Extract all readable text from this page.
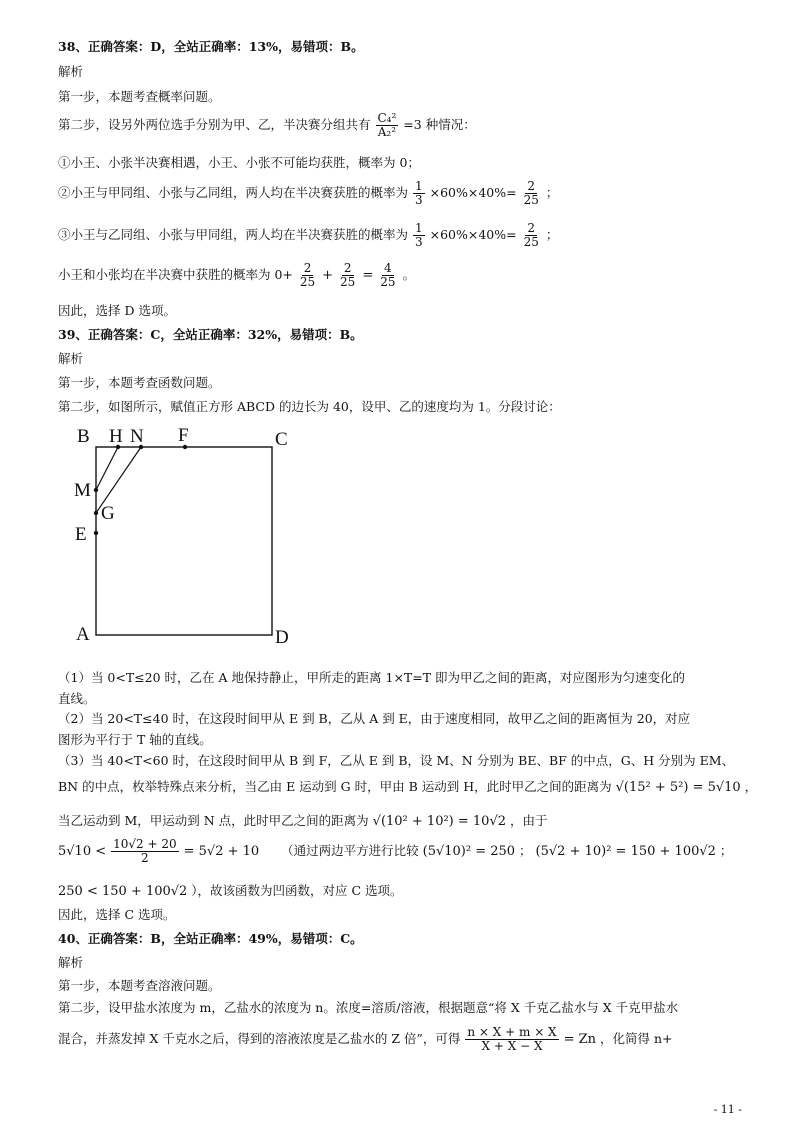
38、正确答案：D，全站正确率：13%，易错项：B。
解析
第一步，本题考查概率问题。
第二步，设另外两位选手分别为甲、乙，半决赛分组共有 $\frac{\text{C₄²}}{\text{A₂²}} =3$ 种情况：
①小王、小张半决赛相遇，小王、小张不可能均获胜，概率为 0；
②小王与甲同组、小张与乙同组，两人均在半决赛获胜的概率为 $\frac{1}{3} \times 60\%\times 40\%= \frac{2}{25}$ ；
③小王与乙同组、小张与甲同组，两人均在半决赛获胜的概率为 $\frac{1}{3} \times 60\%\times 40\%= \frac{2}{25}$ ；
小王和小张均在半决赛中获胜的概率为 $0+ \frac{2}{25} + \frac{2}{25} = \frac{4}{25}$ 。
因此，选择 D 选项。
39、正确答案：C，全站正确率：32%，易错项：B。
解析
第一步，本题考查函数问题。
第二步，如图所示，赋值正方形 ABCD 的边长为 40，设甲、乙的速度均为 1。分段讨论：
B H N F	C
M
G
E
A	D
（1）当 0<T≤20 时，乙在 A 地保持静止，甲所走的距离 1×T=T 即为甲乙之间的距离，对应图形为匀速变化的
直线。
（2）当 20<T≤40 时，在这段时间甲从 E 到 B，乙从 A 到 E，由于速度相同，故甲乙之间的距离恒为 20，对应
图形为平行于 T 轴的直线。
（3）当 40<T<60 时，在这段时间甲从 B 到 F，乙从 E 到 B，设 M、N 分别为 BE、BF 的中点，G、H 分别为 EM、
BN 的中点，枚举特殊点来分析，当乙由 E 运动到 G 时，甲由 B 运动到 H，此时甲乙之间的距离为 √(15² + 5²) = 5√10 ，
当乙运动到 M，甲运动到 N 点，此时甲乙之间的距离为 √(10² + 10²) = 10√2 ，由于
$5√10 < \frac{10√2 + 20}{2} = 5√2 + 10$ （通过两边平方进行比较 (5√10)² = 250 ； (5√2 + 10)² = 150 + 100√2 ；
250 < 150 + 100√2 ），故该函数为凹函数，对应 C 选项。
因此，选择 C 选项。
40、正确答案：B，全站正确率：49%，易错项：C。
解析
第一步，本题考查溶液问题。
第二步，设甲盐水浓度为 m，乙盐水的浓度为 n。浓度=溶质/溶液，根据题意“将 X 千克乙盐水与 X 千克甲盐水
混合，并蒸发掉 X 千克水之后，得到的溶液浓度是乙盐水的 Z 倍”，可得 $\frac{n \times X + m \times X}{X + X - X} = Zn$ ，化简得 n+
- 11 -
